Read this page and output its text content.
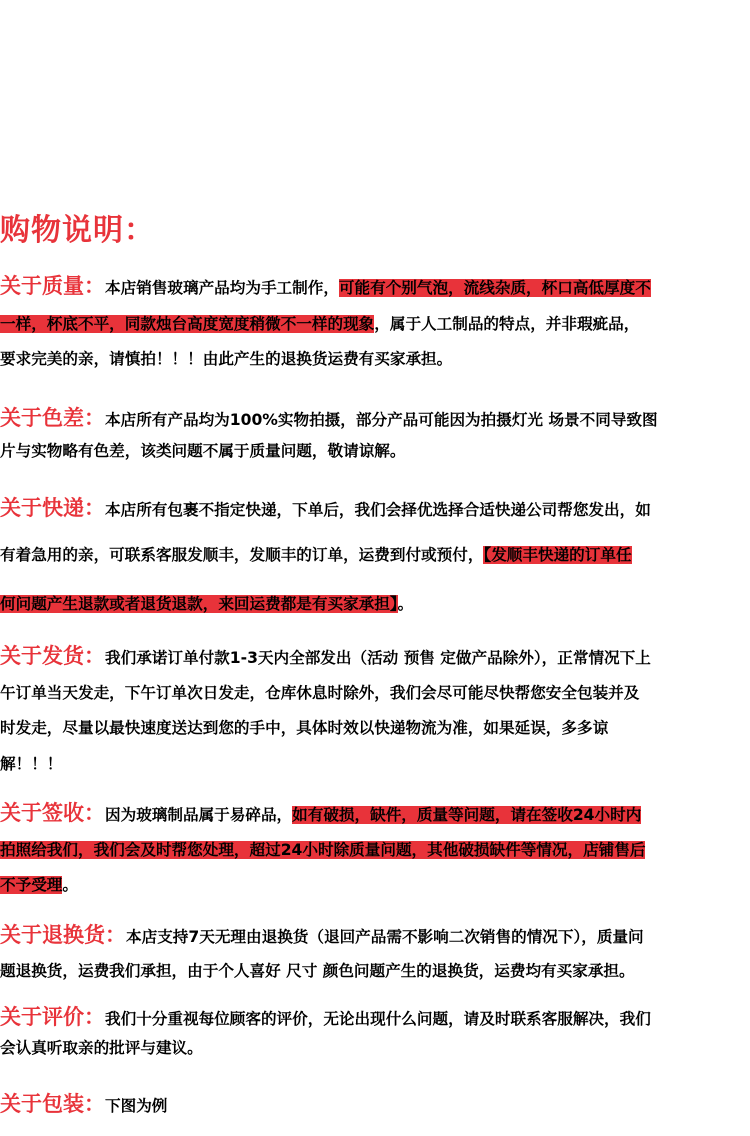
购物说明：
关于质量：本店销售玻璃产品均为手工制作，可能有个别气泡，流线杂质，杯口高低厚度不
一样，杯底不平，同款烛台高度宽度稍微不一样的现象，属于人工制品的特点，并非瑕疵品，
要求完美的亲，请慎拍！！！由此产生的退换货运费有买家承担。
关于色差：本店所有产品均为100%实物拍摄，部分产品可能因为拍摄灯光 场景不同导致图
片与实物略有色差，该类问题不属于质量问题，敬请谅解。
关于快递：本店所有包裹不指定快递，下单后，我们会择优选择合适快递公司帮您发出，如
有着急用的亲，可联系客服发顺丰，发顺丰的订单，运费到付或预付，【发顺丰快递的订单任
何问题产生退款或者退货退款，来回运费都是有买家承担】。
关于发货：我们承诺订单付款1-3天内全部发出（活动 预售 定做产品除外），正常情况下上
午订单当天发走，下午订单次日发走，仓库休息时除外，我们会尽可能尽快帮您安全包装并及
时发走，尽量以最快速度送达到您的手中，具体时效以快递物流为准，如果延误，多多谅
解！！！
关于签收：因为玻璃制品属于易碎品，如有破损，缺件，质量等问题，请在签收24小时内
拍照给我们，我们会及时帮您处理，超过24小时除质量问题，其他破损缺件等情况，店铺售后
不予受理。
关于退换货：本店支持7天无理由退换货（退回产品需不影响二次销售的情况下），质量问
题退换货，运费我们承担，由于个人喜好 尺寸 颜色问题产生的退换货，运费均有买家承担。
关于评价：我们十分重视每位顾客的评价，无论出现什么问题，请及时联系客服解决，我们
会认真听取亲的批评与建议。
关于包装：下图为例
